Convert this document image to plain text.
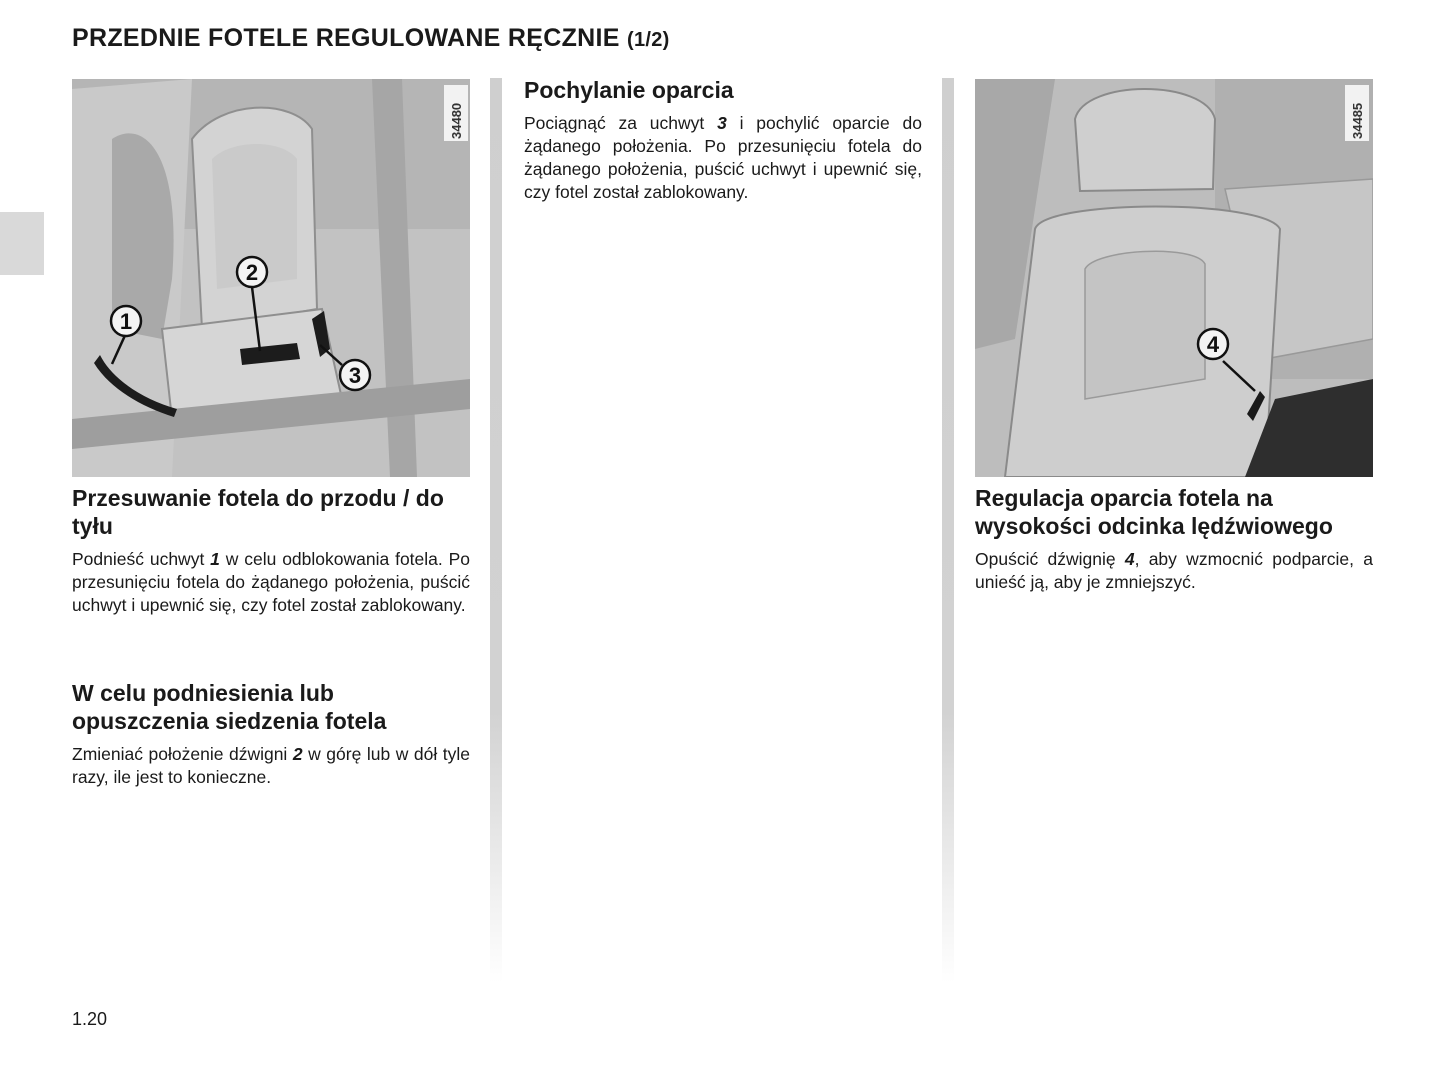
PRZEDNIE FOTELE REGULOWANE RĘCZNIE (1/2)
1
2
3
34480
4
34485
Przesuwanie fotela do przodu / do tyłu

Podnieść uchwyt 1 w celu odblokowania fotela. Po przesunięciu fotela do żądanego położenia, puścić uchwyt i upewnić się, czy fotel został zablokowany.

W celu podniesienia lub opuszczenia siedzenia fotela

Zmieniać położenie dźwigni 2 w górę lub w dół tyle razy, ile jest to konieczne.

Pochylanie oparcia

Pociągnąć za uchwyt 3 i pochylić oparcie do żądanego położenia. Po przesunięciu fotela do żądanego położenia, puścić uchwyt i upewnić się, czy fotel został zablokowany.

Regulacja oparcia fotela na wysokości odcinka lędźwiowego

Opuścić dźwignię 4, aby wzmocnić podparcie, a unieść ją, aby je zmniejszyć.

1.20
